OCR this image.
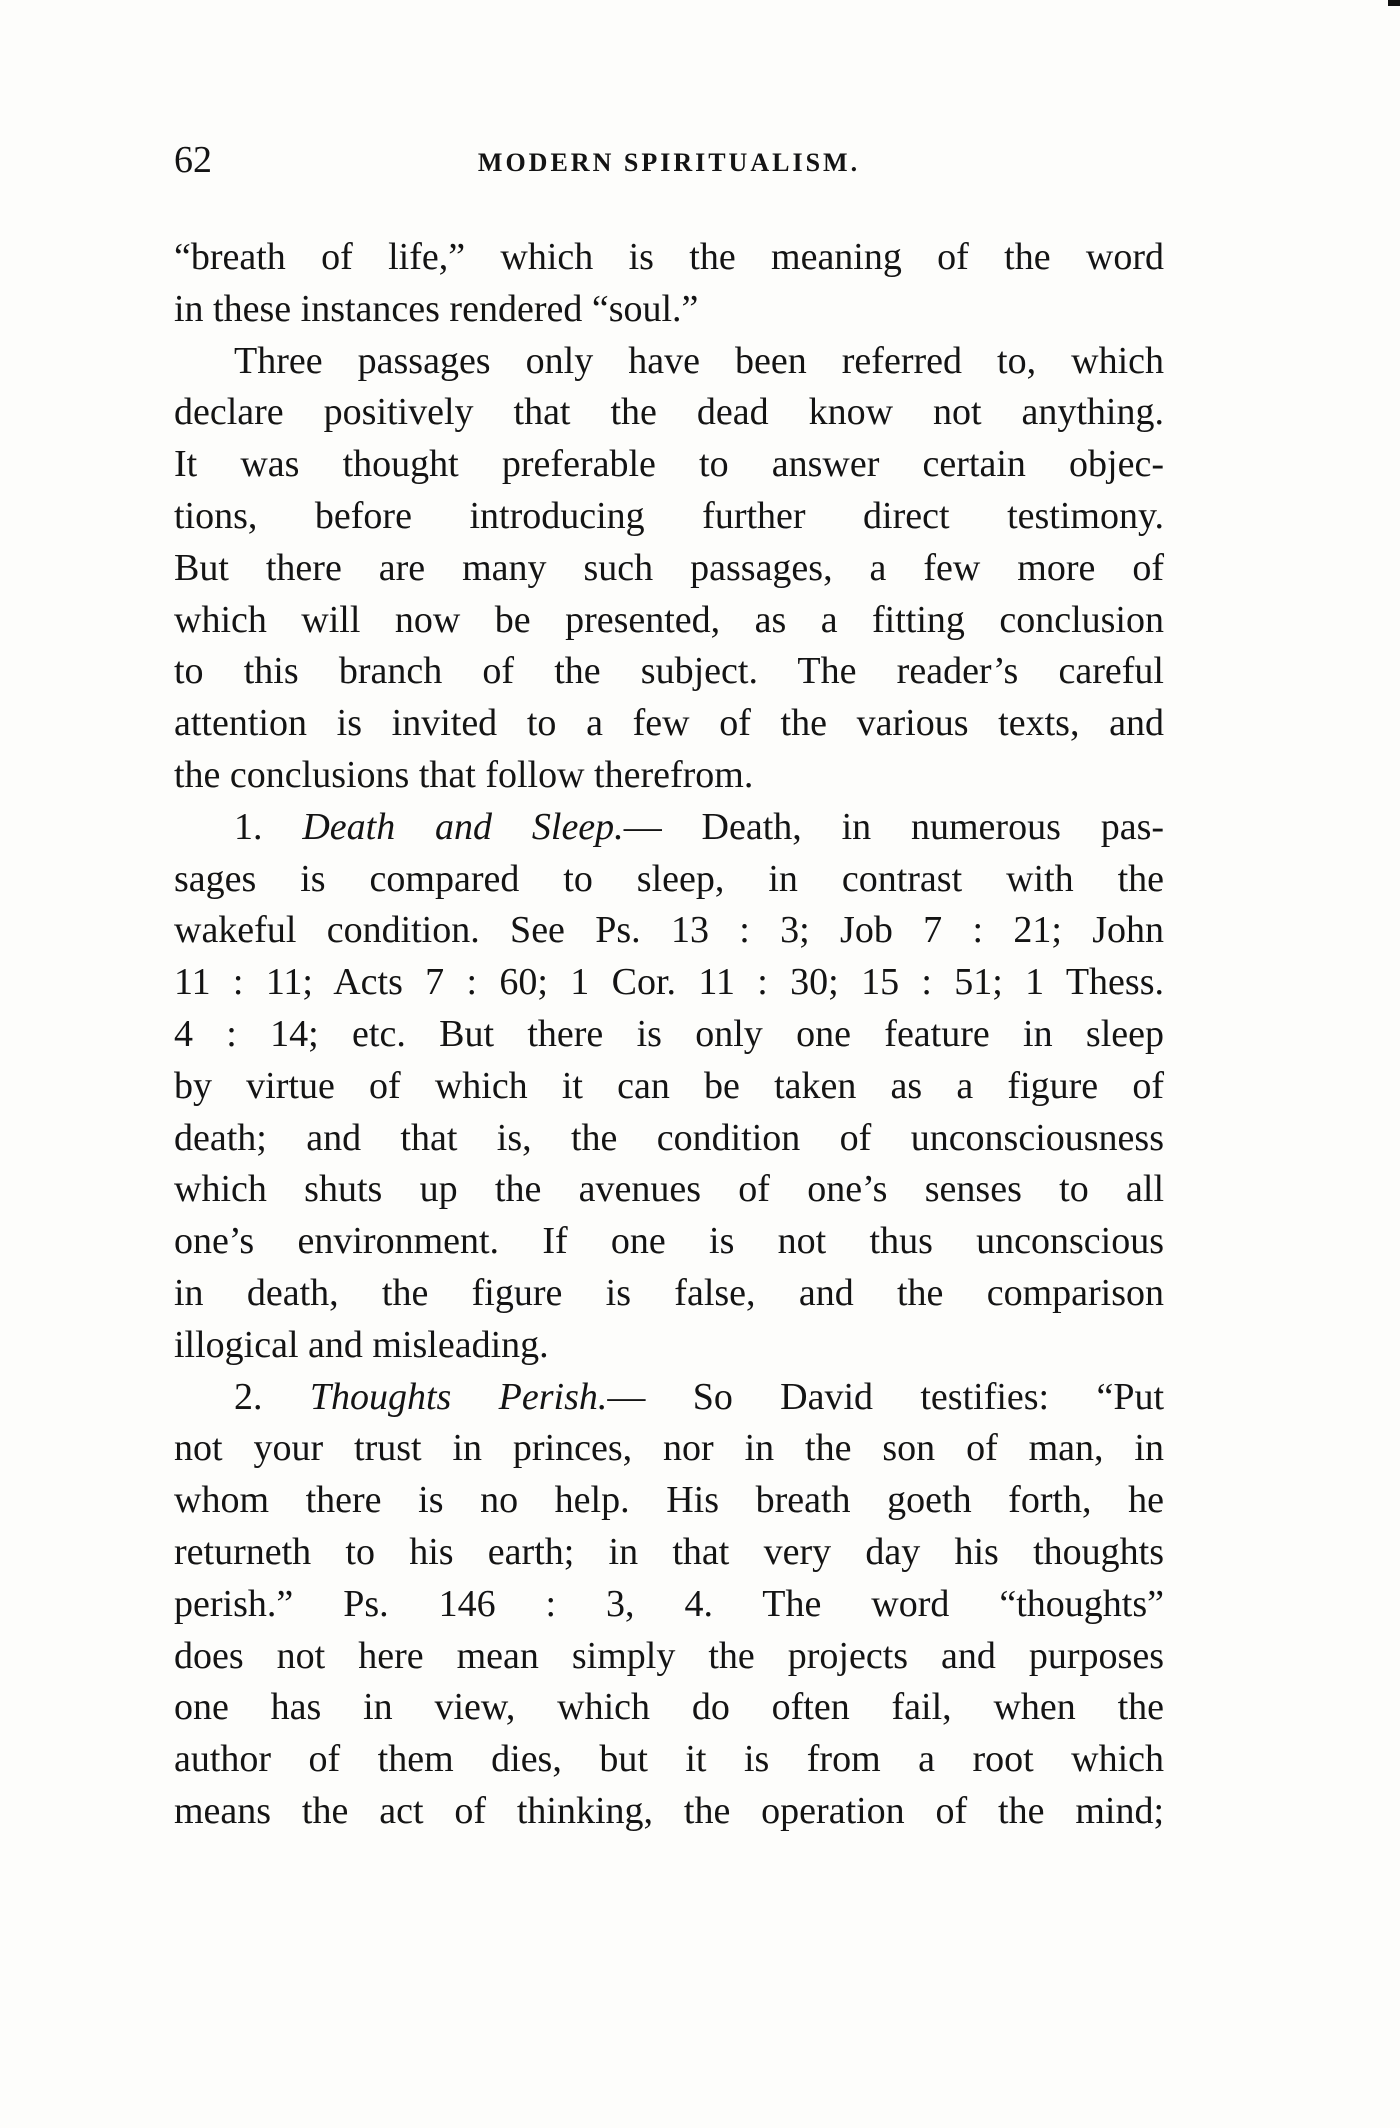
62	MODERN SPIRITUALISM.
“breath of life,” which is the meaning of the word
in these instances rendered “soul.”
Three passages only have been referred to, which
declare positively that the dead know not anything.
It was thought preferable to answer certain objec-
tions, before introducing further direct testimony.
But there are many such passages, a few more of
which will now be presented, as a fitting conclusion
to this branch of the subject. The reader’s careful
attention is invited to a few of the various texts, and
the conclusions that follow therefrom.
1. Death and Sleep.— Death, in numerous pas-
sages is compared to sleep, in contrast with the
wakeful condition. See Ps. 13 : 3; Job 7 : 21; John
11 : 11; Acts 7 : 60; 1 Cor. 11 : 30; 15 : 51; 1 Thess.
4 : 14; etc. But there is only one feature in sleep
by virtue of which it can be taken as a figure of
death; and that is, the condition of unconsciousness
which shuts up the avenues of one’s senses to all
one’s environment. If one is not thus unconscious
in death, the figure is false, and the comparison
illogical and misleading.
2. Thoughts Perish.— So David testifies: “Put
not your trust in princes, nor in the son of man, in
whom there is no help. His breath goeth forth, he
returneth to his earth; in that very day his thoughts
perish.” Ps. 146 : 3, 4. The word “thoughts”
does not here mean simply the projects and purposes
one has in view, which do often fail, when the
author of them dies, but it is from a root which
means the act of thinking, the operation of the mind;
